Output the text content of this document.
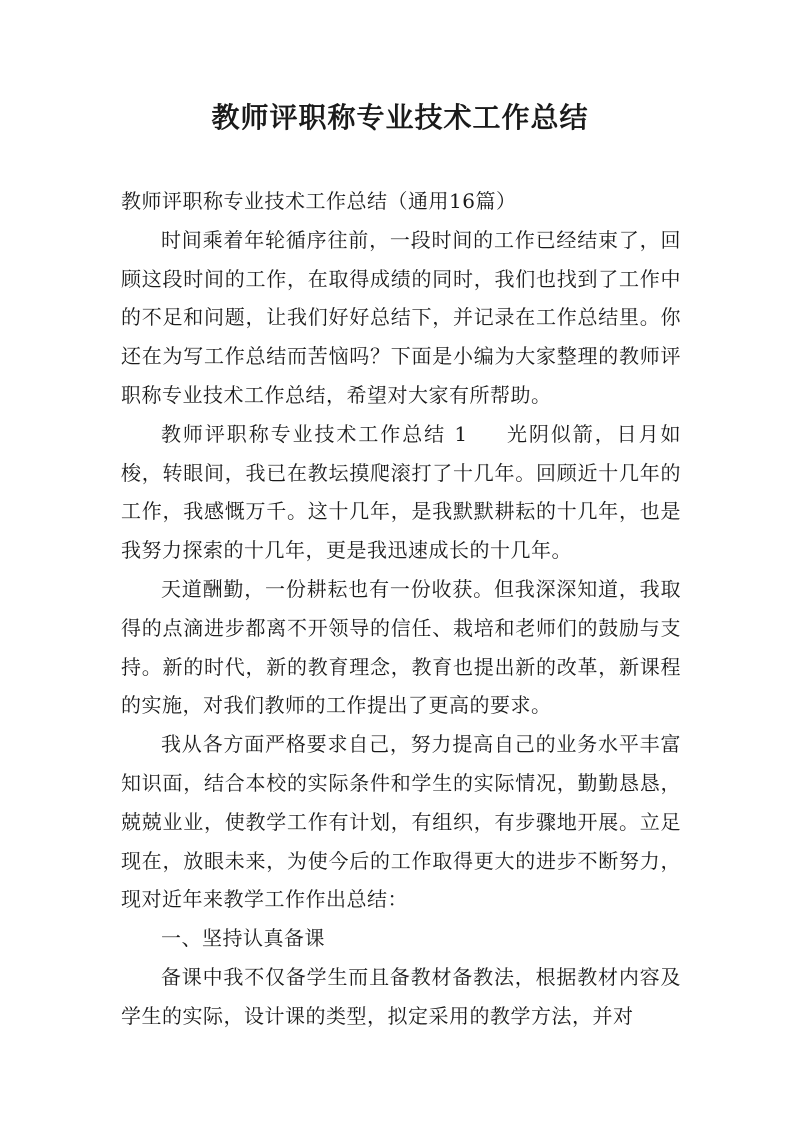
教师评职称专业技术工作总结

教师评职称专业技术工作总结（通用16篇）

时间乘着年轮循序往前，一段时间的工作已经结束了，回顾这段时间的工作，在取得成绩的同时，我们也找到了工作中的不足和问题，让我们好好总结下，并记录在工作总结里。你还在为写工作总结而苦恼吗？下面是小编为大家整理的教师评职称专业技术工作总结，希望对大家有所帮助。

教师评职称专业技术工作总结 1 光阴似箭，日月如梭，转眼间，我已在教坛摸爬滚打了十几年。回顾近十几年的工作，我感慨万千。这十几年，是我默默耕耘的十几年，也是我努力探索的十几年，更是我迅速成长的十几年。

天道酬勤，一份耕耘也有一份收获。但我深深知道，我取得的点滴进步都离不开领导的信任、栽培和老师们的鼓励与支持。新的时代，新的教育理念，教育也提出新的改革，新课程的实施，对我们教师的工作提出了更高的要求。

我从各方面严格要求自己，努力提高自己的业务水平丰富知识面，结合本校的实际条件和学生的实际情况，勤勤恳恳，兢兢业业，使教学工作有计划，有组织，有步骤地开展。立足现在，放眼未来，为使今后的工作取得更大的进步不断努力，现对近年来教学工作作出总结：

一、坚持认真备课

备课中我不仅备学生而且备教材备教法，根据教材内容及学生的实际，设计课的类型，拟定采用的教学方法，并对
